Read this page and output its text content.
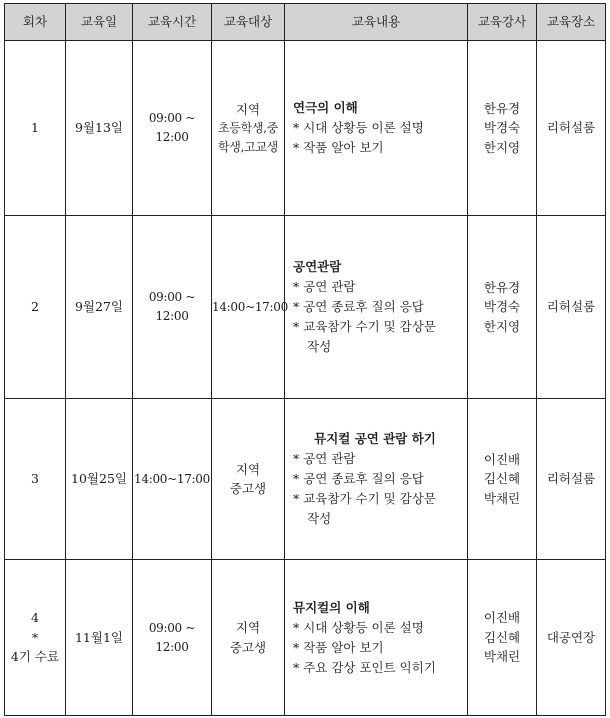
회차	교육일	교육시간	교육대상	교육내용	교육강사	교육장소

1	9월13일	09:00 ~ 12:00	지역
초등학생,중
학생,고교생	연극의 이해
* 시대 상황등 이론 설명
* 작품 알아 보기	한유경
박경숙
한지영	리허설룸

2	9월27일	09:00 ~ 12:00	14:00~17:00	공연관람
* 공연 관람
* 공연 종료후 질의 응답
* 교육참가 수기 및 감상문
작성	한유경
박경숙
한지영	리허설룸

3	10월25일	14:00~17:00	지역
중고생	뮤지컬 공연 관람 하기
* 공연 관람
* 공연 종료후 질의 응답
* 교육참가 수기 및 감상문
작성	이진배
김신혜
박채린	리허설룸

4
*
4기 수료	11월1일	09:00 ~ 12:00	지역
중고생	뮤지컬의 이해
* 시대 상황등 이론 설명
* 작품 알아 보기
* 주요 감상 포인트 익히기	이진배
김신혜
박채린	대공연장
